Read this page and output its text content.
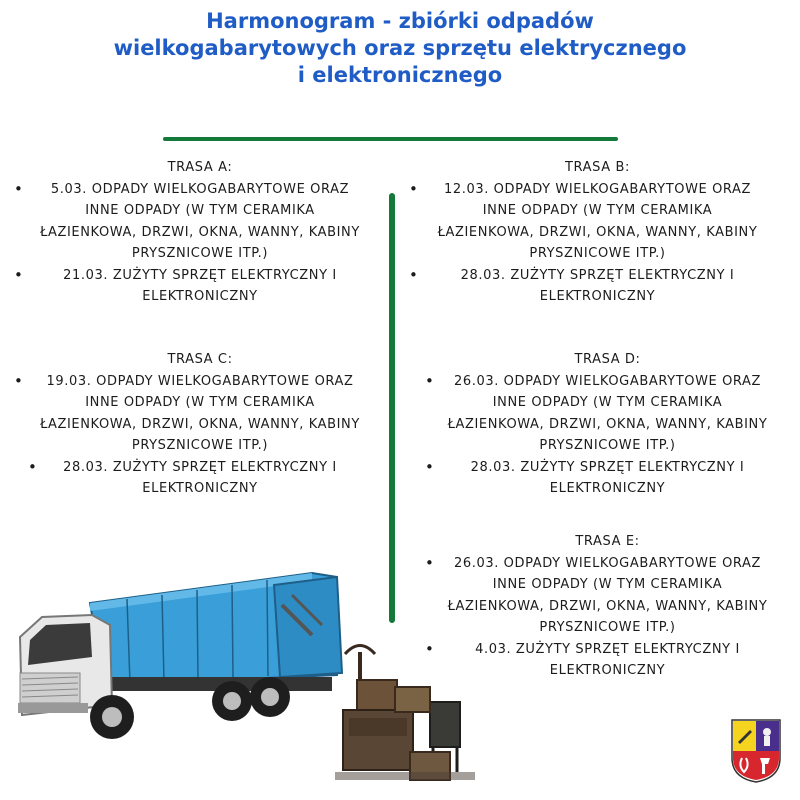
Harmonogram - zbiórki odpadów
wielkogabarytowych oraz sprzętu elektrycznego
i elektronicznego
TRASA A:
•	5.03. ODPADY WIELKOGABARYTOWE ORAZ
INNE ODPADY (W TYM CERAMIKA
ŁAZIENKOWA, DRZWI, OKNA, WANNY, KABINY
PRYSZNICOWE ITP.)
•	21.03. ZUŻYTY SPRZĘT ELEKTRYCZNY I
ELEKTRONICZNY
TRASA B:
•	12.03. ODPADY WIELKOGABARYTOWE ORAZ
INNE ODPADY (W TYM CERAMIKA
ŁAZIENKOWA, DRZWI, OKNA, WANNY, KABINY
PRYSZNICOWE ITP.)
•	28.03. ZUŻYTY SPRZĘT ELEKTRYCZNY I
ELEKTRONICZNY
TRASA C:
•	19.03. ODPADY WIELKOGABARYTOWE ORAZ
INNE ODPADY (W TYM CERAMIKA
ŁAZIENKOWA, DRZWI, OKNA, WANNY, KABINY
PRYSZNICOWE ITP.)
•	28.03. ZUŻYTY SPRZĘT ELEKTRYCZNY I
ELEKTRONICZNY
TRASA D:
•	26.03. ODPADY WIELKOGABARYTOWE ORAZ
INNE ODPADY (W TYM CERAMIKA
ŁAZIENKOWA, DRZWI, OKNA, WANNY, KABINY
PRYSZNICOWE ITP.)
•	28.03. ZUŻYTY SPRZĘT ELEKTRYCZNY I
ELEKTRONICZNY
TRASA E:
•	26.03. ODPADY WIELKOGABARYTOWE ORAZ
INNE ODPADY (W TYM CERAMIKA
ŁAZIENKOWA, DRZWI, OKNA, WANNY, KABINY
PRYSZNICOWE ITP.)
•	4.03. ZUŻYTY SPRZĘT ELEKTRYCZNY I
ELEKTRONICZNY
